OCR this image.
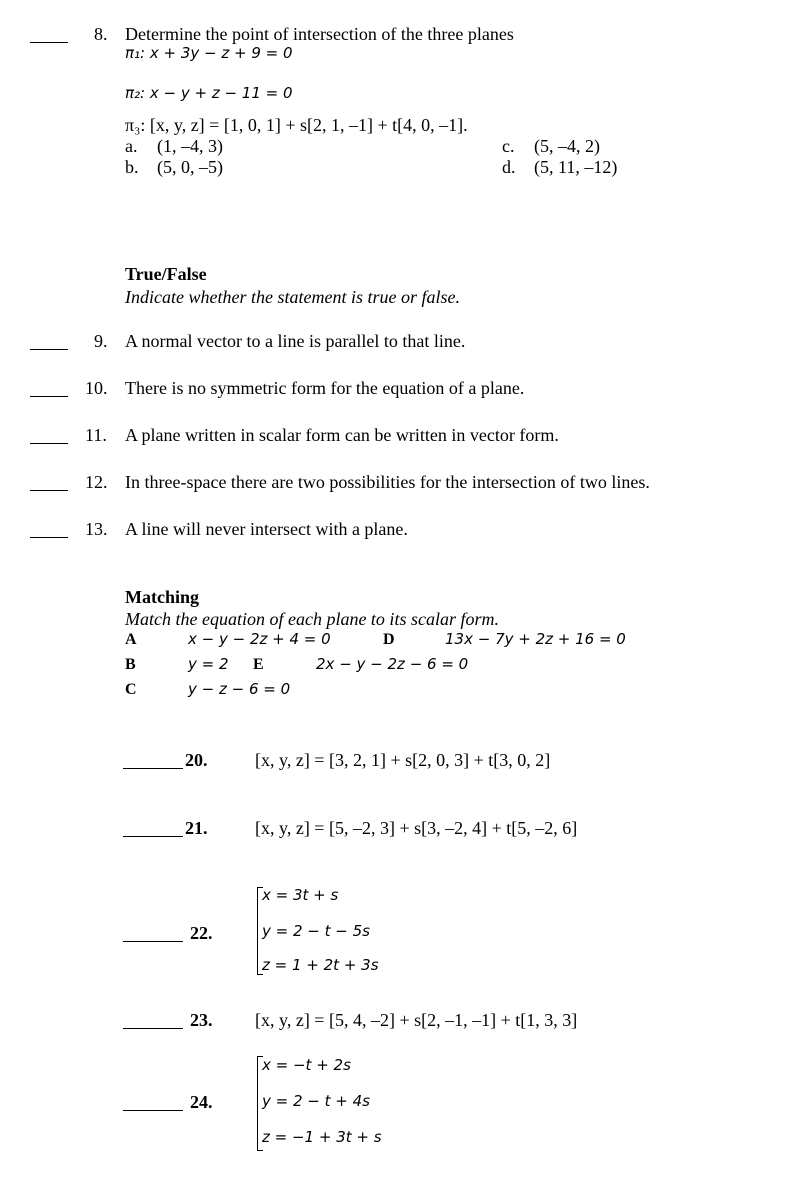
8. Determine the point of intersection of the three planes
π₁: x + 3y − z + 9 = 0
π₂: x − y + z − 11 = 0
π₃: [x, y, z] = [1, 0, 1] + s[2, 1, –1] + t[4, 0, –1].
a. (1, –4, 3)
b. (5, 0, –5)
c. (5, –4, 2)
d. (5, 11, –12)
True/False
Indicate whether the statement is true or false.
9. A normal vector to a line is parallel to that line.
10. There is no symmetric form for the equation of a plane.
11. A plane written in scalar form can be written in vector form.
12. In three-space there are two possibilities for the intersection of two lines.
13. A line will never intersect with a plane.
Matching
Match the equation of each plane to its scalar form.
A	x − y − 2z + 4 = 0	D	13x − 7y + 2z + 16 = 0
B	y = 2 E	2x − y − 2z − 6 = 0
C	y − z − 6 = 0
20.	[x, y, z] = [3, 2, 1] + s[2, 0, 3] + t[3, 0, 2]
21.	[x, y, z] = [5, –2, 3] + s[3, –2, 4] + t[5, –2, 6]
22.
x = 3t + s
y = 2 − t − 5s
z = 1 + 2t + 3s
23. [x, y, z] = [5, 4, –2] + s[2, –1, –1] + t[1, 3, 3]
24.
x = −t + 2s
y = 2 − t + 4s
z = −1 + 3t + s
